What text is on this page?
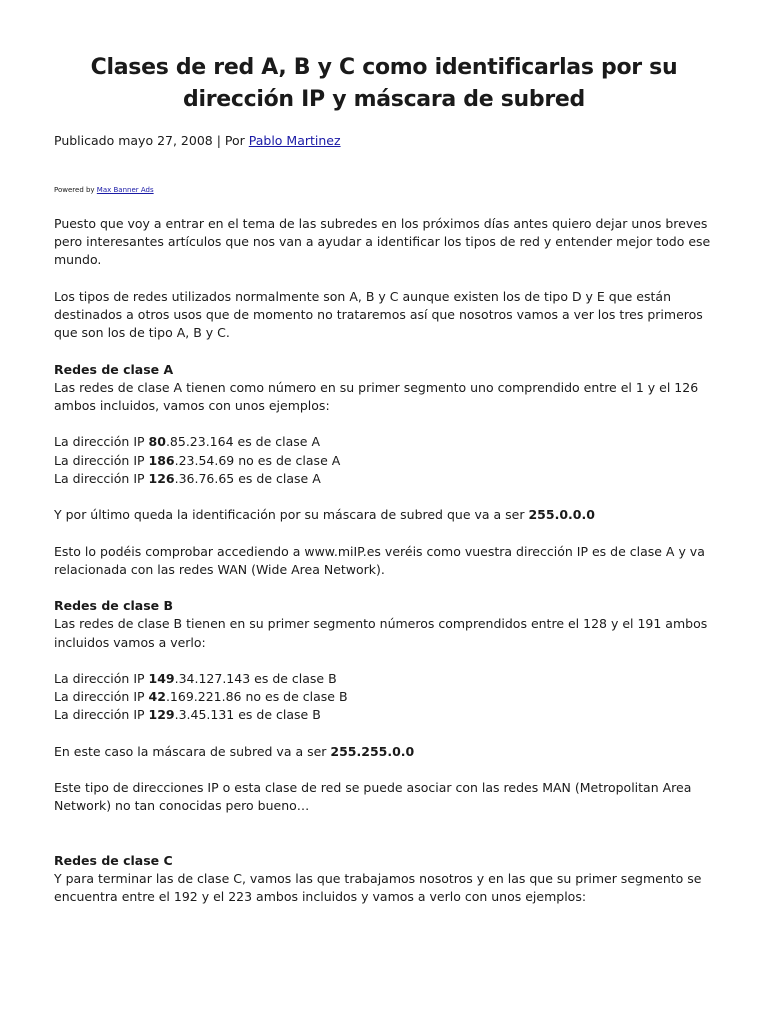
Clases de red A, B y C como identificarlas por su dirección IP y máscara de subred
Publicado mayo 27, 2008 | Por Pablo Martinez
Powered by Max Banner Ads

Puesto que voy a entrar en el tema de las subredes en los próximos días antes quiero dejar unos breves pero interesantes artículos que nos van a ayudar a identificar los tipos de red y entender mejor todo ese mundo.

Los tipos de redes utilizados normalmente son A, B y C aunque existen los de tipo D y E que están destinados a otros usos que de momento no trataremos así que nosotros vamos a ver los tres primeros que son los de tipo A, B y C.

Redes de clase A

Las redes de clase A tienen como número en su primer segmento uno comprendido entre el 1 y el 126 ambos incluidos, vamos con unos ejemplos:

La dirección IP 80.85.23.164 es de clase A
La dirección IP 186.23.54.69 no es de clase A
La dirección IP 126.36.76.65 es de clase A

Y por último queda la identificación por su máscara de subred que va a ser 255.0.0.0

Esto lo podéis comprobar accediendo a www.miIP.es veréis como vuestra dirección IP es de clase A y va relacionada con las redes WAN (Wide Area Network).

Redes de clase B

Las redes de clase B tienen en su primer segmento números comprendidos entre el 128 y el 191 ambos incluidos vamos a verlo:

La dirección IP 149.34.127.143 es de clase B
La dirección IP 42.169.221.86 no es de clase B
La dirección IP 129.3.45.131 es de clase B

En este caso la máscara de subred va a ser 255.255.0.0

Este tipo de direcciones IP o esta clase de red se puede asociar con las redes MAN (Metropolitan Area Network) no tan conocidas pero bueno…

Redes de clase C

Y para terminar las de clase C, vamos las que trabajamos nosotros y en las que su primer segmento se encuentra entre el 192 y el 223 ambos incluidos y vamos a verlo con unos ejemplos:
